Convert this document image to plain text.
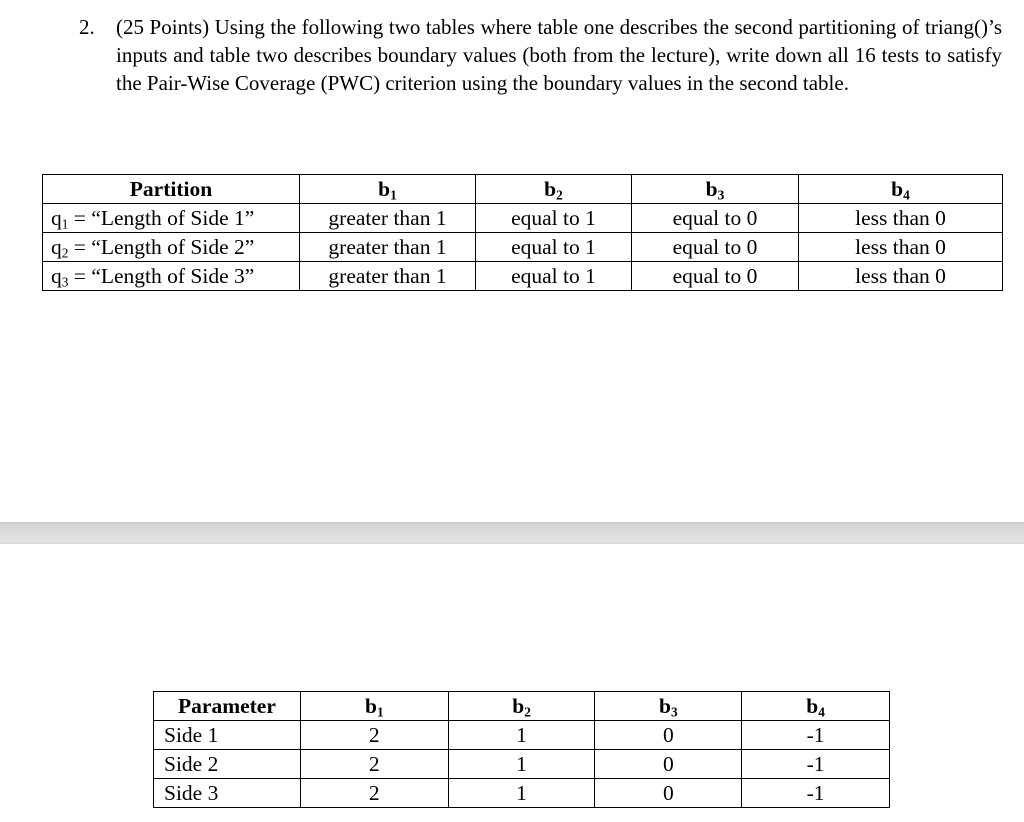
2. (25 Points) Using the following two tables where table one describes the second partitioning of triang()’s inputs and table two describes boundary values (both from the lecture), write down all 16 tests to satisfy the Pair-Wise Coverage (PWC) criterion using the boundary values in the second table.
Partition	$b_1$	$b_2$	$b_3$	$b_4$
$q_1$ = “Length of Side 1”	greater than 1	equal to 1	equal to 0	less than 0
$q_2$ = “Length of Side 2”	greater than 1	equal to 1	equal to 0	less than 0
$q_3$ = “Length of Side 3”	greater than 1	equal to 1	equal to 0	less than 0
Parameter	$b_1$	$b_2$	$b_3$	$b_4$
Side 1	2	1	0	-1
Side 2	2	1	0	-1
Side 3	2	1	0	-1
